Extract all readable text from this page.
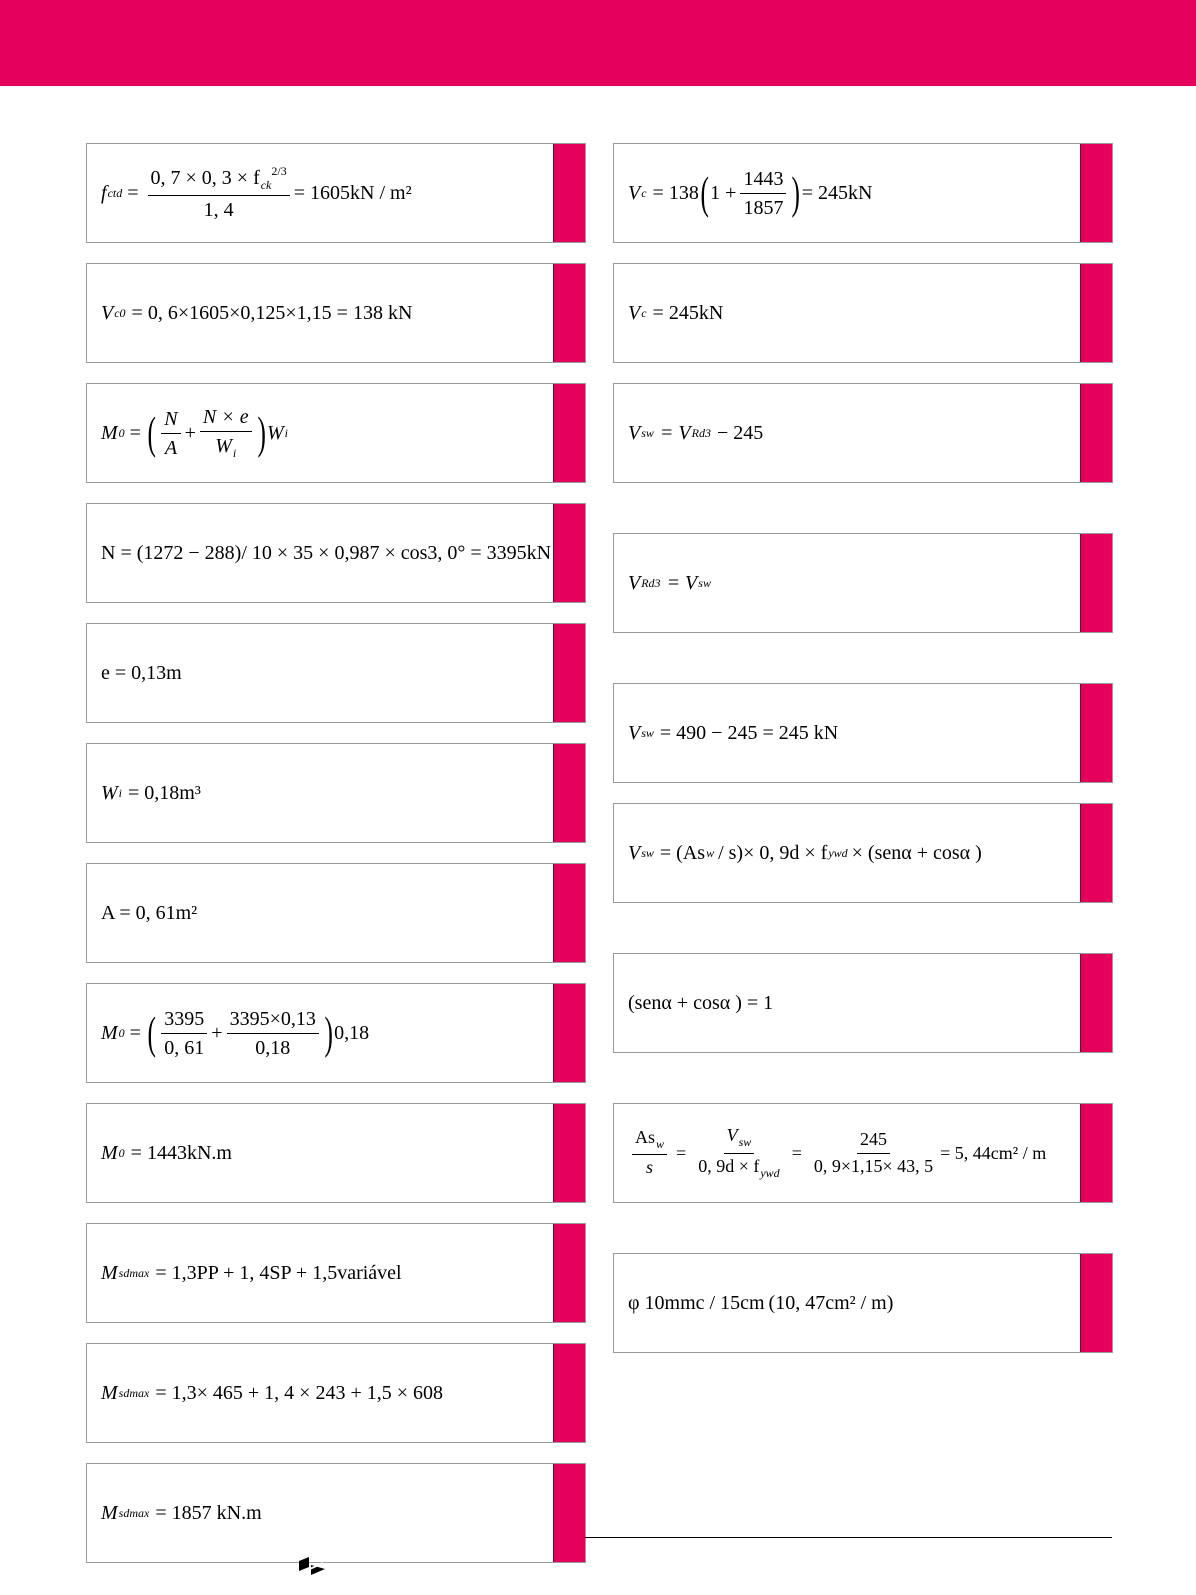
f ctd = $\frac{0, 7 \times 0, 3 \times f_{ck}^{2/3}}{1, 4} = 1605kN / m^2$
V c0 = 0, 6×1605×0,125×1,15 = 138 kN
M 0 = ( $\frac{N}{A} + \frac{N \times e}{W_i}$ ) W i
N = (1272 − 288)/ 10 × 35 × 0,987 × cos3, 0° = 3395kN
e = 0,13m
W i = 0,18m³
A = 0, 61m²
M 0 = ( $\frac{3395}{0, 61} + \frac{3395\times 0,13}{0,18}$ ) 0,18
M 0 = 1443kN.m
M sdmax = 1,3PP + 1, 4SP + 1,5variável
M sdmax = 1,3× 465 + 1, 4 × 243 + 1,5 × 608
M sdmax = 1857 kN.m
V c = 138 ( $1 + \frac{1443}{1857}$ ) = 245kN
V c = 245kN
V sw = V Rd3 − 245
V Rd3 = V sw
V sw = 490 − 245 = 245 kN
V sw = (As w / s)× 0, 9d × f ywd × (senα + cosα )
(senα + cosα ) = 1
$\frac{As_w}{s} = \frac{V_{sw}}{0, 9d \times f_{ywd}} = \frac{245}{0, 9\times 1,15\times 43, 5} = 5$, 44cm² / m
φ 10mmc / 15cm (10, 47cm² / m)
